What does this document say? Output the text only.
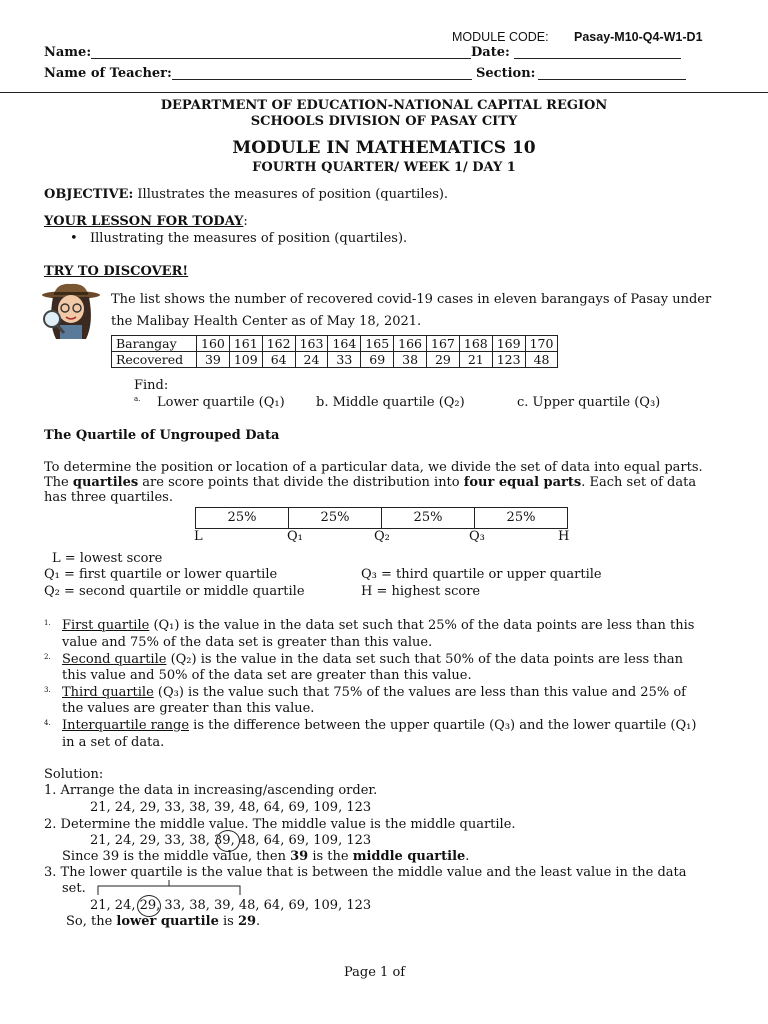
MODULE CODE: Pasay-M10-Q4-W1-D1
Name:	Date:
Name of Teacher:	Section:
DEPARTMENT OF EDUCATION-NATIONAL CAPITAL REGION
SCHOOLS DIVISION OF PASAY CITY
MODULE IN MATHEMATICS 10
FOURTH QUARTER/ WEEK 1/ DAY 1
OBJECTIVE: Illustrates the measures of position (quartiles).
YOUR LESSON FOR TODAY:
• Illustrating the measures of position (quartiles).
TRY TO DISCOVER!
The list shows the number of recovered covid-19 cases in eleven barangays of Pasay under
the Malibay Health Center as of May 18, 2021.
Barangay	160	161	162	163	164	165	166	167	168	169	170
Recovered	39	109	64	24	33	69	38	29	21	123	48
Find:
a. Lower quartile (Q₁) b. Middle quartile (Q₂)	c. Upper quartile (Q₃)
The Quartile of Ungrouped Data
To determine the position or location of a particular data, we divide the set of data into equal parts.
The quartiles are score points that divide the distribution into four equal parts. Each set of data
has three quartiles.
25%	25%	25%	25%
L	Q₁	Q₂	Q₃	H
L = lowest score
Q₁ = first quartile or lower quartile
Q₂ = second quartile or middle quartile
Q₃ = third quartile or upper quartile
H = highest score
1. First quartile (Q₁) is the value in the data set such that 25% of the data points are less than this
value and 75% of the data set is greater than this value.
2. Second quartile (Q₂) is the value in the data set such that 50% of the data points are less than
this value and 50% of the data set are greater than this value.
3. Third quartile (Q₃) is the value such that 75% of the values are less than this value and 25% of
the values are greater than this value.
4. Interquartile range is the difference between the upper quartile (Q₃) and the lower quartile (Q₁)
in a set of data.
Solution:
1. Arrange the data in increasing/ascending order.
21, 24, 29, 33, 38, 39, 48, 64, 69, 109, 123
2. Determine the middle value. The middle value is the middle quartile.
21, 24, 29, 33, 38, 39, 48, 64, 69, 109, 123
Since 39 is the middle value, then 39 is the middle quartile.
3. The lower quartile is the value that is between the middle value and the least value in the data
set.
21, 24, 29, 33, 38, 39, 48, 64, 69, 109, 123
So, the lower quartile is 29.
Page 1 of
